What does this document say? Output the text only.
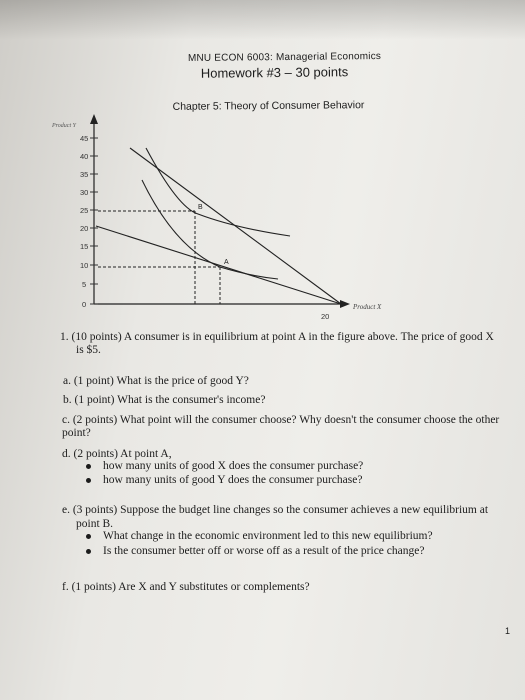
MNU ECON 6003: Managerial Economics
Homework #3 – 30 points
Chapter 5: Theory of Consumer Behavior
Product Y
Product X
45
40
35
30
25
20
15
10
5
0
20
B
A
1. (10 points) A consumer is in equilibrium at point A in the figure above. The price of good X
is $5.
a. (1 point) What is the price of good Y?
b. (1 point) What is the consumer's income?
c. (2 points) What point will the consumer choose? Why doesn't the consumer choose the other
point?
d. (2 points) At point A,
how many units of good X does the consumer purchase?
how many units of good Y does the consumer purchase?
e. (3 points) Suppose the budget line changes so the consumer achieves a new equilibrium at
point B.
What change in the economic environment led to this new equilibrium?
Is the consumer better off or worse off as a result of the price change?
f. (1 points) Are X and Y substitutes or complements?
1
